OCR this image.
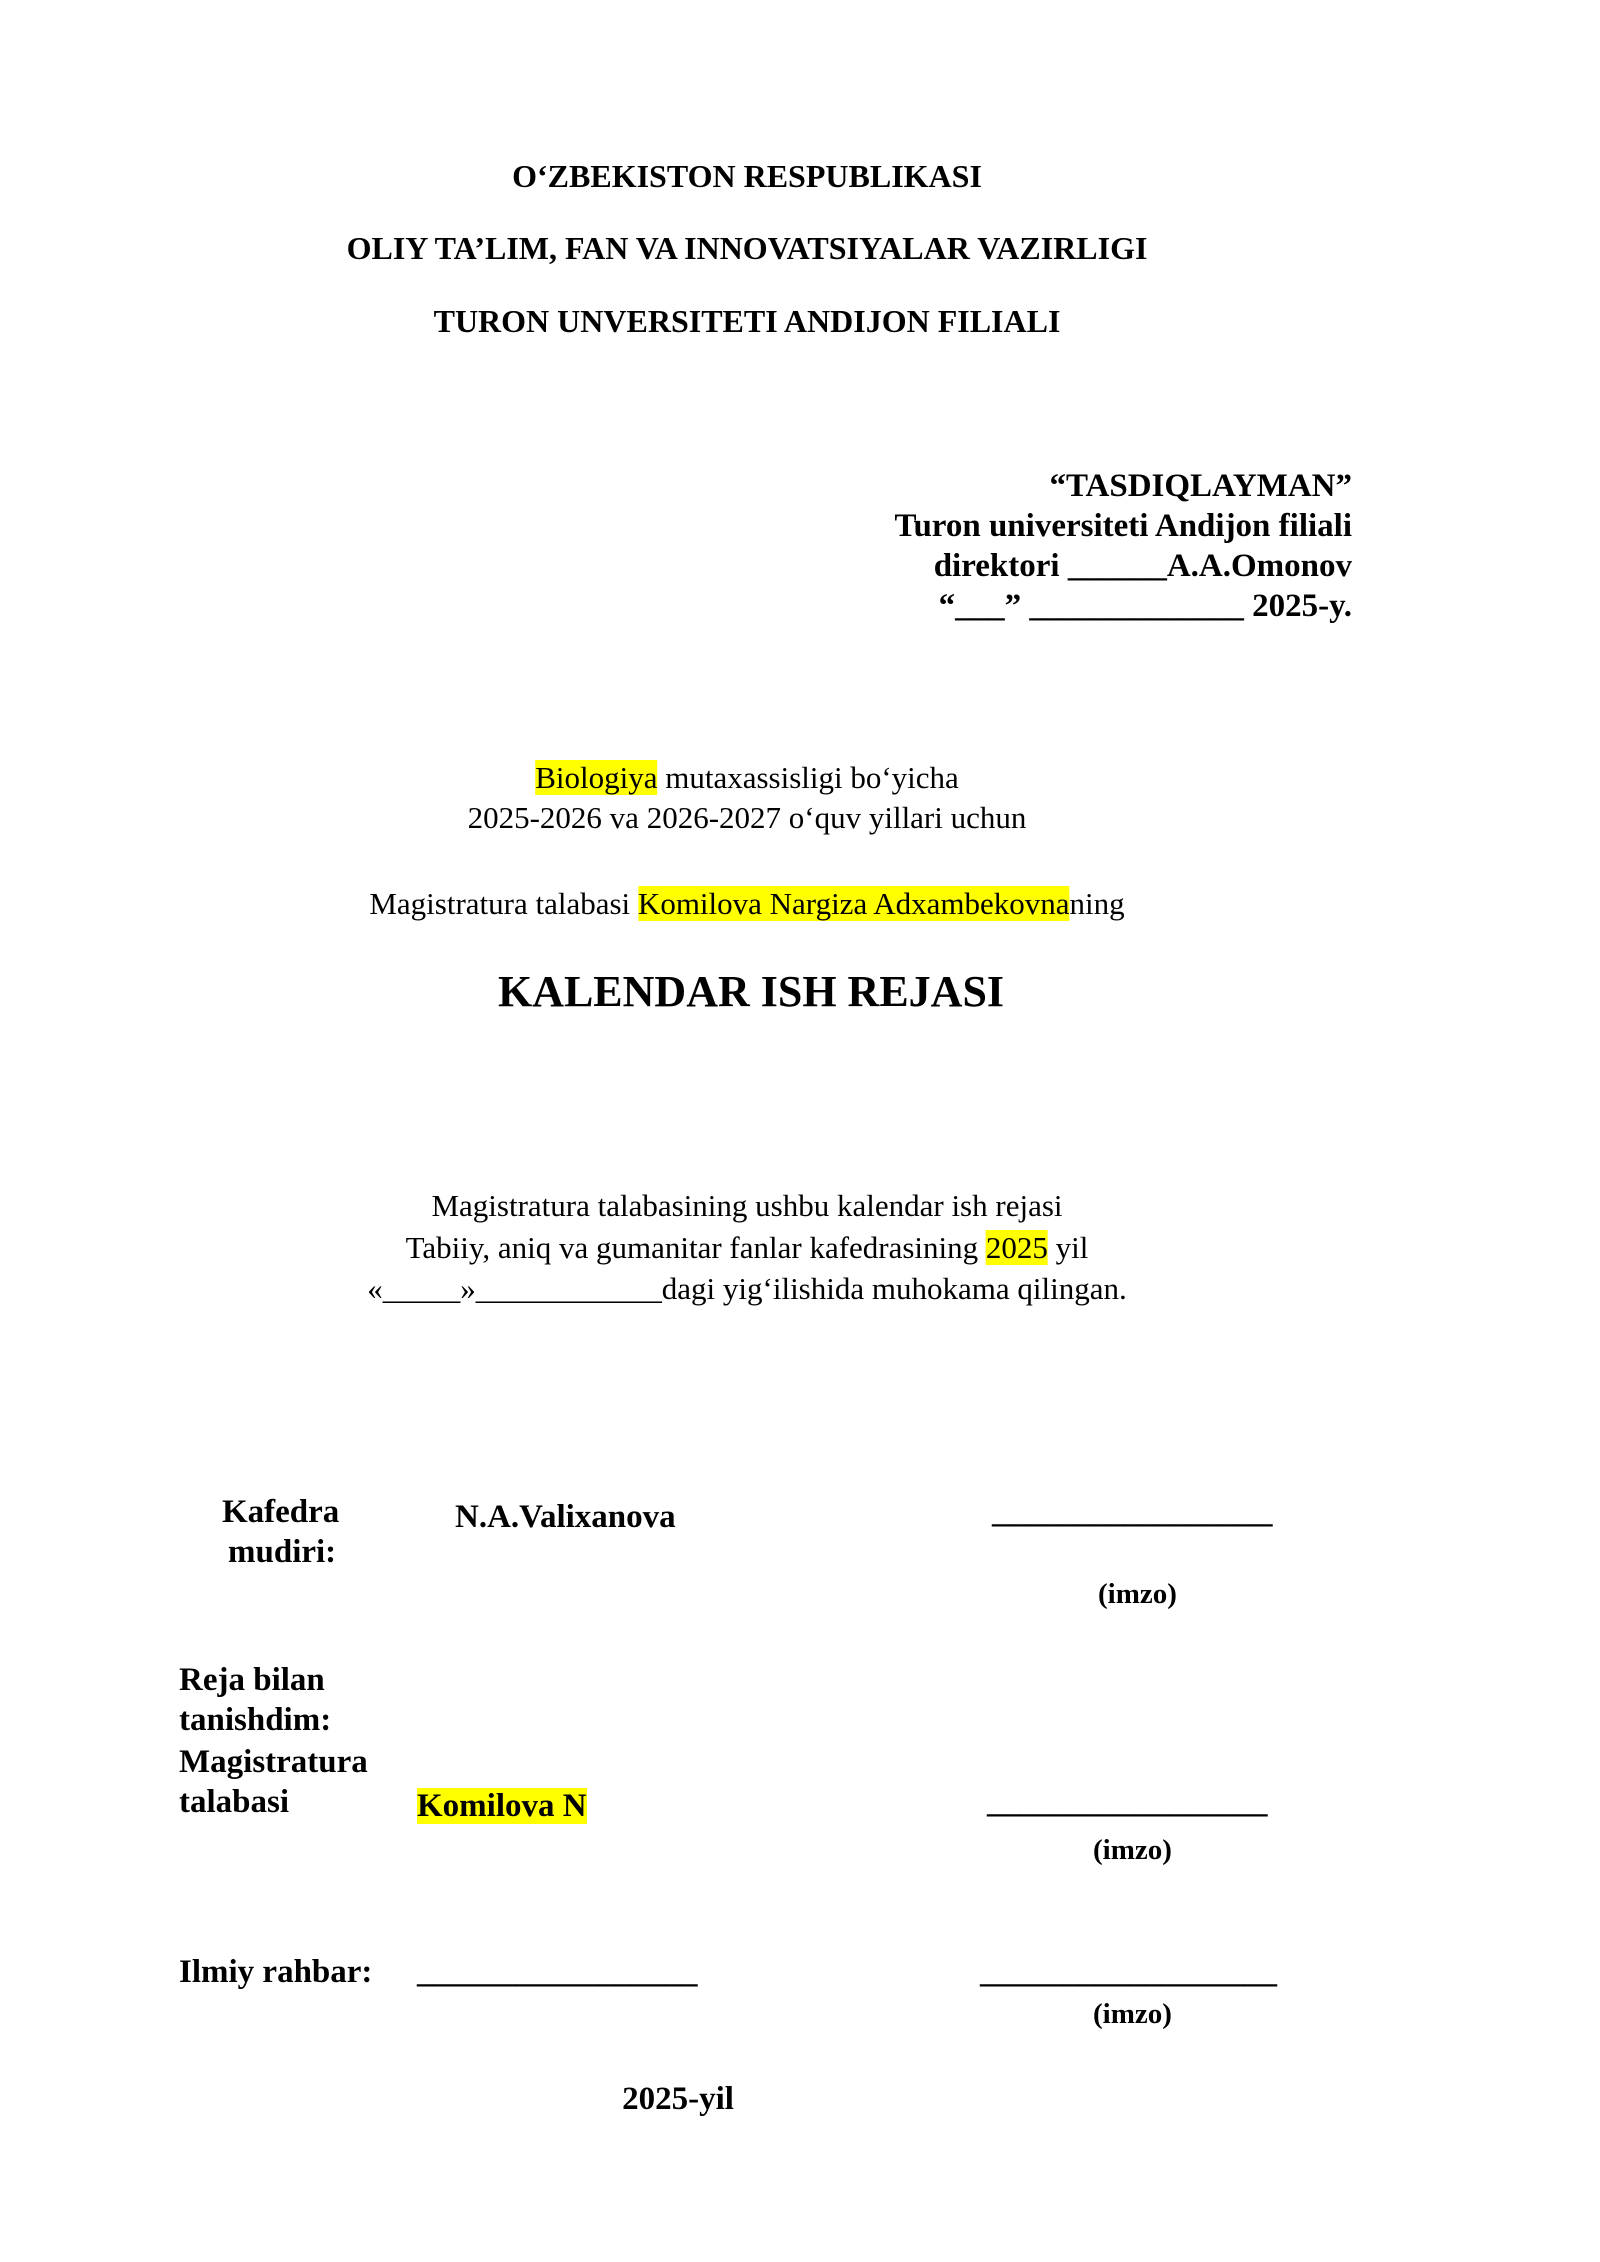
O‘ZBEKISTON RESPUBLIKASI
OLIY TA’LIM, FAN VA INNOVATSIYALAR VAZIRLIGI
TURON UNVERSITETI ANDIJON FILIALI
“TASDIQLAYMAN”
Turon universiteti Andijon filiali
direktori ______A.A.Omonov
“___” _____________ 2025-y.
Biologiya mutaxassisligi bo‘yicha
2025-2026 va 2026-2027 o‘quv yillari uchun
Magistratura talabasi Komilova Nargiza Adxambekovnaning
KALENDAR ISH REJASI
Magistratura talabasining ushbu kalendar ish rejasi
Tabiiy, aniq va gumanitar fanlar kafedrasining 2025 yil
«_____»____________dagi yig‘ilishida muhokama qilingan.
Kafedra
mudiri:
N.A.Valixanova	_________________
(imzo)
Reja bilan
tanishdim:
Magistratura
talabasi	Komilova N	_________________
(imzo)
Ilmiy rahbar: _________________	__________________
(imzo)
2025-yil
